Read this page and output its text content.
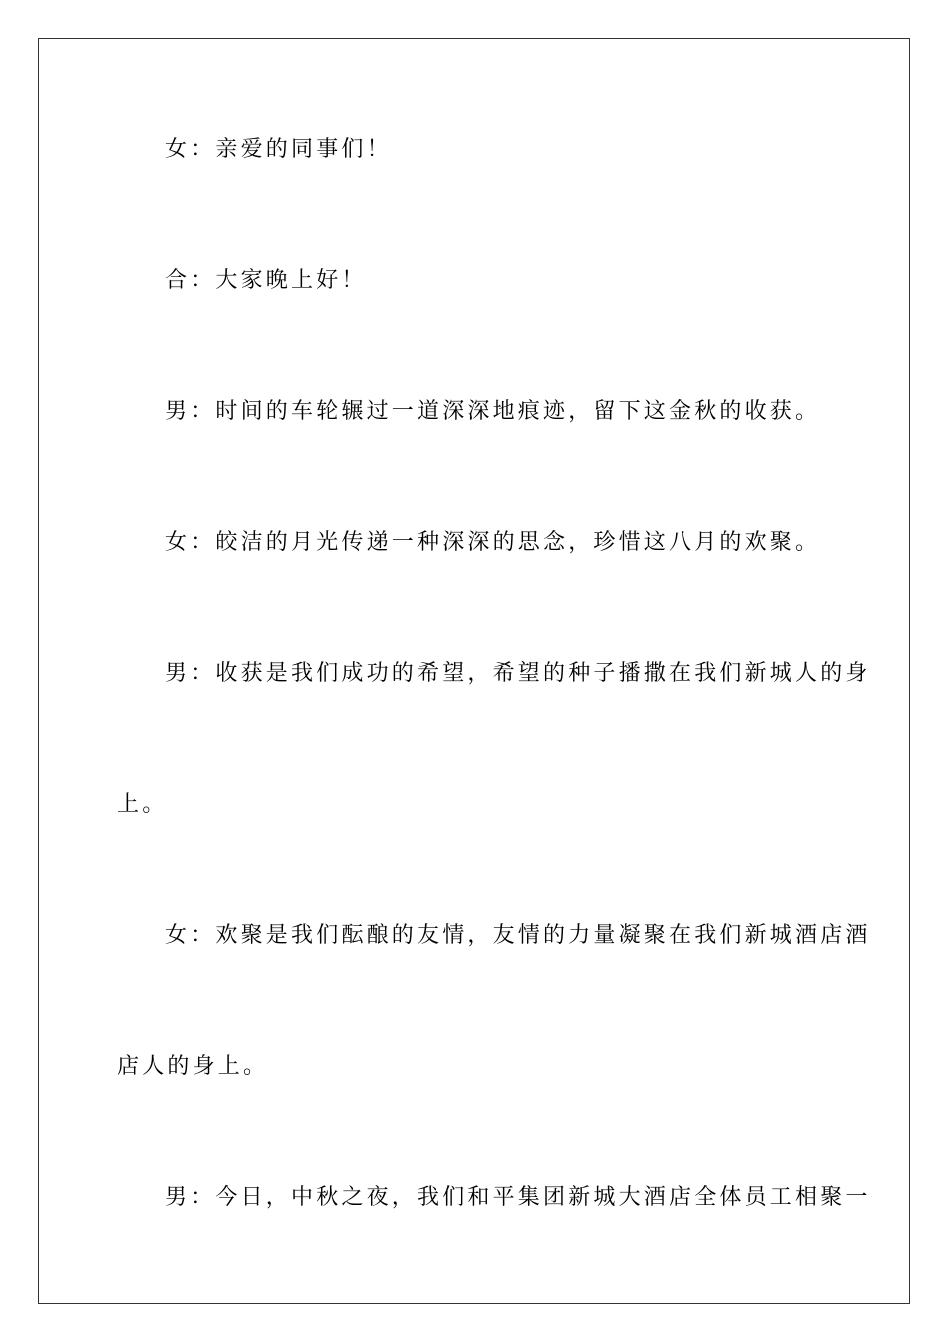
女：亲爱的同事们！
合：大家晚上好！
男：时间的车轮辗过一道深深地痕迹，留下这金秋的收获。
女：皎洁的月光传递一种深深的思念，珍惜这八月的欢聚。
男：收获是我们成功的希望，希望的种子播撒在我们新城人的身
上。
女：欢聚是我们酝酿的友情，友情的力量凝聚在我们新城酒店酒
店人的身上。
男：今日，中秋之夜，我们和平集团新城大酒店全体员工相聚一
